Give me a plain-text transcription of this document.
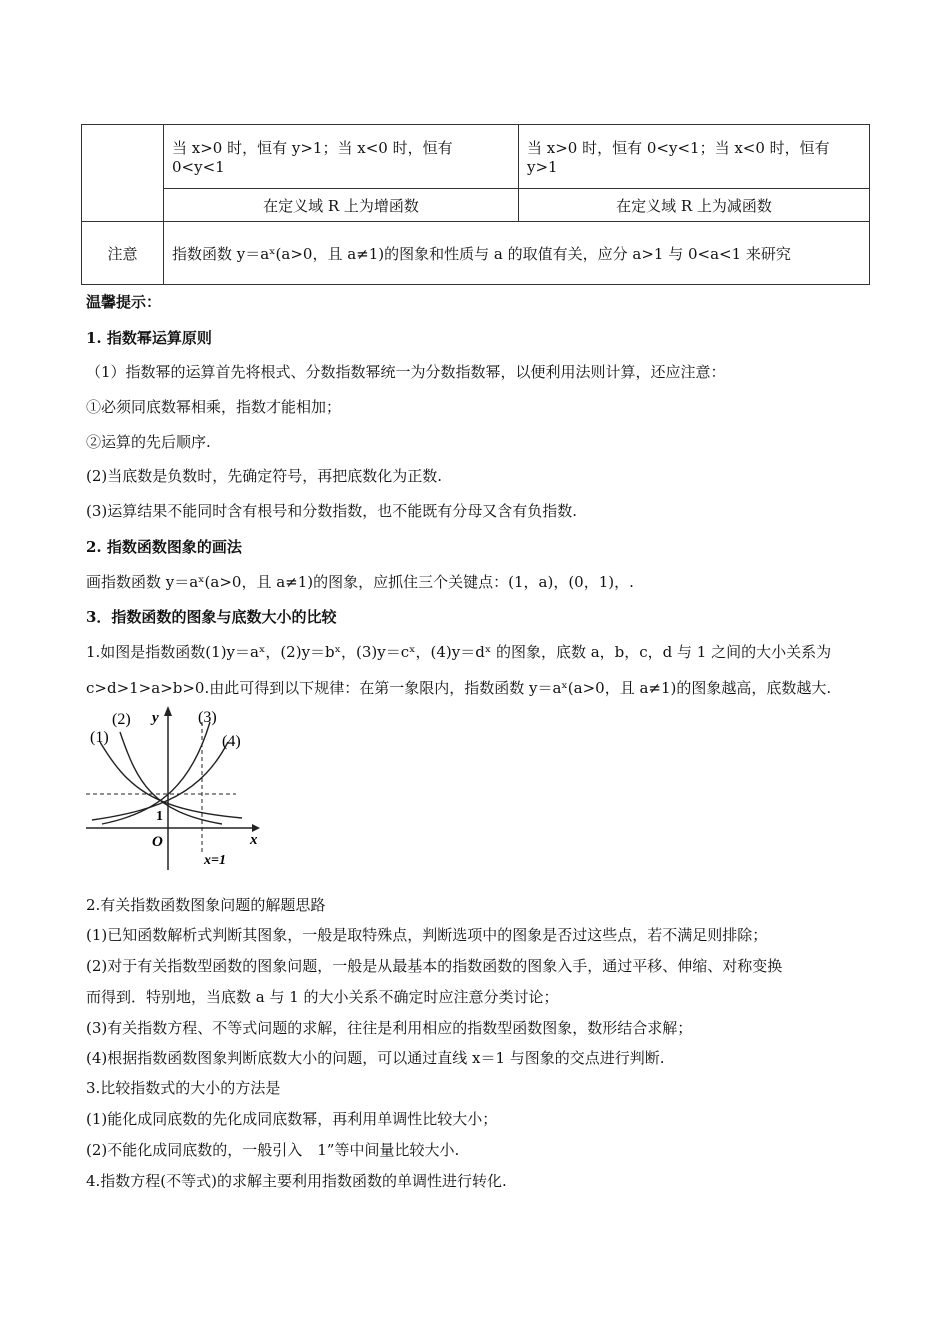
	当 x>0 时，恒有 y>1；当 x<0 时，恒有 0<y<1	当 x>0 时，恒有 0<y<1；当 x<0 时，恒有 y>1
	在定义域 R 上为增函数	在定义域 R 上为减函数
注意	指数函数 y＝aˣ(a>0，且 a≠1)的图象和性质与 a 的取值有关，应分 a>1 与 0<a<1 来研究	
温馨提示：
1. 指数幂运算原则
（1）指数幂的运算首先将根式、分数指数幂统一为分数指数幂，以便利用法则计算，还应注意：
①必须同底数幂相乘，指数才能相加；
②运算的先后顺序.
(2)当底数是负数时，先确定符号，再把底数化为正数.
(3)运算结果不能同时含有根号和分数指数，也不能既有分母又含有负指数.
2. 指数函数图象的画法
画指数函数 y＝aˣ(a>0，且 a≠1)的图象，应抓住三个关键点：(1，a)，(0，1)，.
3．指数函数的图象与底数大小的比较
1.如图是指数函数(1)y＝aˣ，(2)y＝bˣ，(3)y＝cˣ，(4)y＝dˣ 的图象，底数 a，b，c，d 与 1 之间的大小关系为
c>d>1>a>b>0.由此可得到以下规律：在第一象限内，指数函数 y＝aˣ(a>0，且 a≠1)的图象越高，底数越大.
(1)
(2)	(3)
(4)
y
x
O
1
x=1
2.有关指数函数图象问题的解题思路
(1)已知函数解析式判断其图象，一般是取特殊点，判断选项中的图象是否过这些点，若不满足则排除；
(2)对于有关指数型函数的图象问题，一般是从最基本的指数函数的图象入手，通过平移、伸缩、对称变换
而得到．特别地，当底数 a 与 1 的大小关系不确定时应注意分类讨论；
(3)有关指数方程、不等式问题的求解，往往是利用相应的指数型函数图象，数形结合求解；
(4)根据指数函数图象判断底数大小的问题，可以通过直线 x＝1 与图象的交点进行判断.
3.比较指数式的大小的方法是
(1)能化成同底数的先化成同底数幂，再利用单调性比较大小；
(2)不能化成同底数的，一般引入　1”等中间量比较大小.
4.指数方程(不等式)的求解主要利用指数函数的单调性进行转化.
